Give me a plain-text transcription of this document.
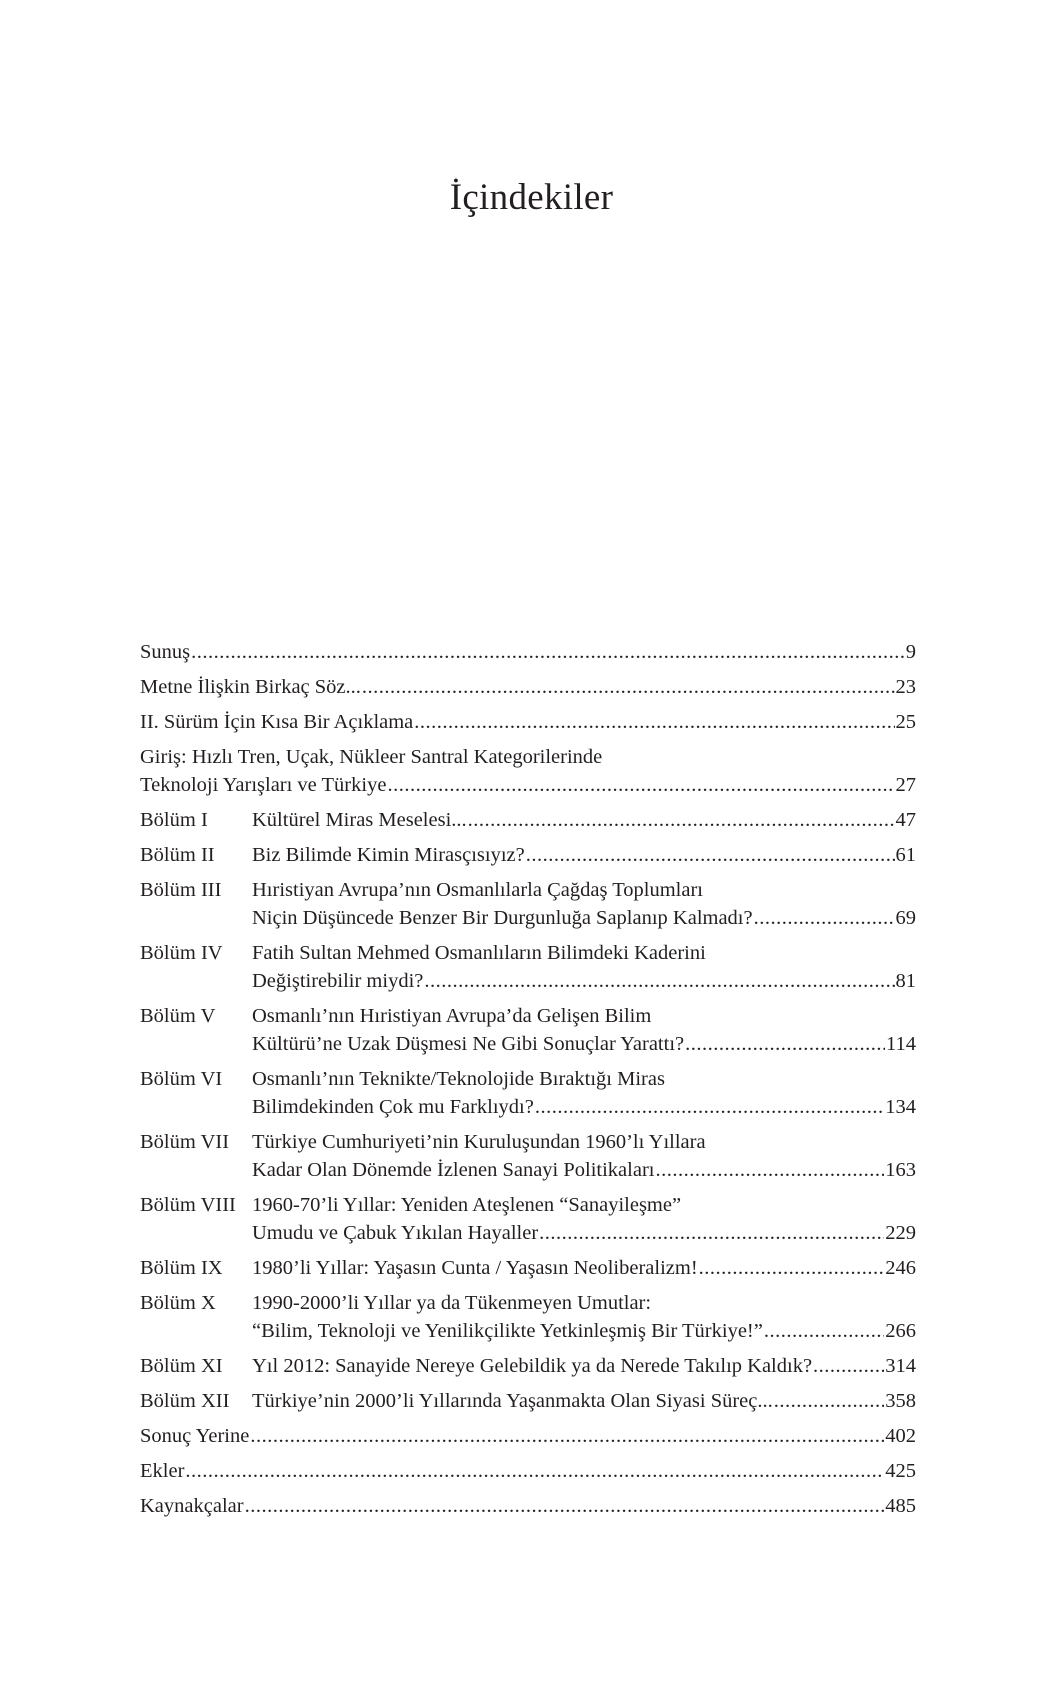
İçindekiler
Sunuş .....	9
Metne İlişkin Birkaç Söz... .....	23
II. Sürüm İçin Kısa Bir Açıklama .....	25
Giriş: Hızlı Tren, Uçak, Nükleer Santral Kategorilerinde
Teknoloji Yarışları ve Türkiye .....	27
Bölüm I	Kültürel Miras Meselesi... .....	47
Bölüm II	Biz Bilimde Kimin Mirasçısıyız? .....	61
Bölüm III	Hıristiyan Avrupa’nın Osmanlılarla Çağdaş Toplumları
Niçin Düşüncede Benzer Bir Durgunluğa Saplanıp Kalmadı? .....	69
Bölüm IV	Fatih Sultan Mehmed Osmanlıların Bilimdeki Kaderini
Değiştirebilir miydi? .....	81
Bölüm V	Osmanlı’nın Hıristiyan Avrupa’da Gelişen Bilim
Kültürü’ne Uzak Düşmesi Ne Gibi Sonuçlar Yarattı? .....	114
Bölüm VI	Osmanlı’nın Teknikte/Teknolojide Bıraktığı Miras
Bilimdekinden Çok mu Farklıydı? .....	134
Bölüm VII	Türkiye Cumhuriyeti’nin Kuruluşundan 1960’lı Yıllara
Kadar Olan Dönemde İzlenen Sanayi Politikaları .....	163
Bölüm VIII 1960-70’li Yıllar: Yeniden Ateşlenen “Sanayileşme”
Umudu ve Çabuk Yıkılan Hayaller .....	229
Bölüm IX	1980’li Yıllar: Yaşasın Cunta / Yaşasın Neoliberalizm! .....	246
Bölüm X	1990-2000’li Yıllar ya da Tükenmeyen Umutlar:
“Bilim, Teknoloji ve Yenilikçilikte Yetkinleşmiş Bir Türkiye!” .....	266
Bölüm XI	Yıl 2012: Sanayide Nereye Gelebildik ya da Nerede Takılıp Kaldık? .....	314
Bölüm XII	Türkiye’nin 2000’li Yıllarında Yaşanmakta Olan Siyasi Süreç... .....	358
Sonuç Yerine .....	402
Ekler .....	425
Kaynakçalar .....	485
